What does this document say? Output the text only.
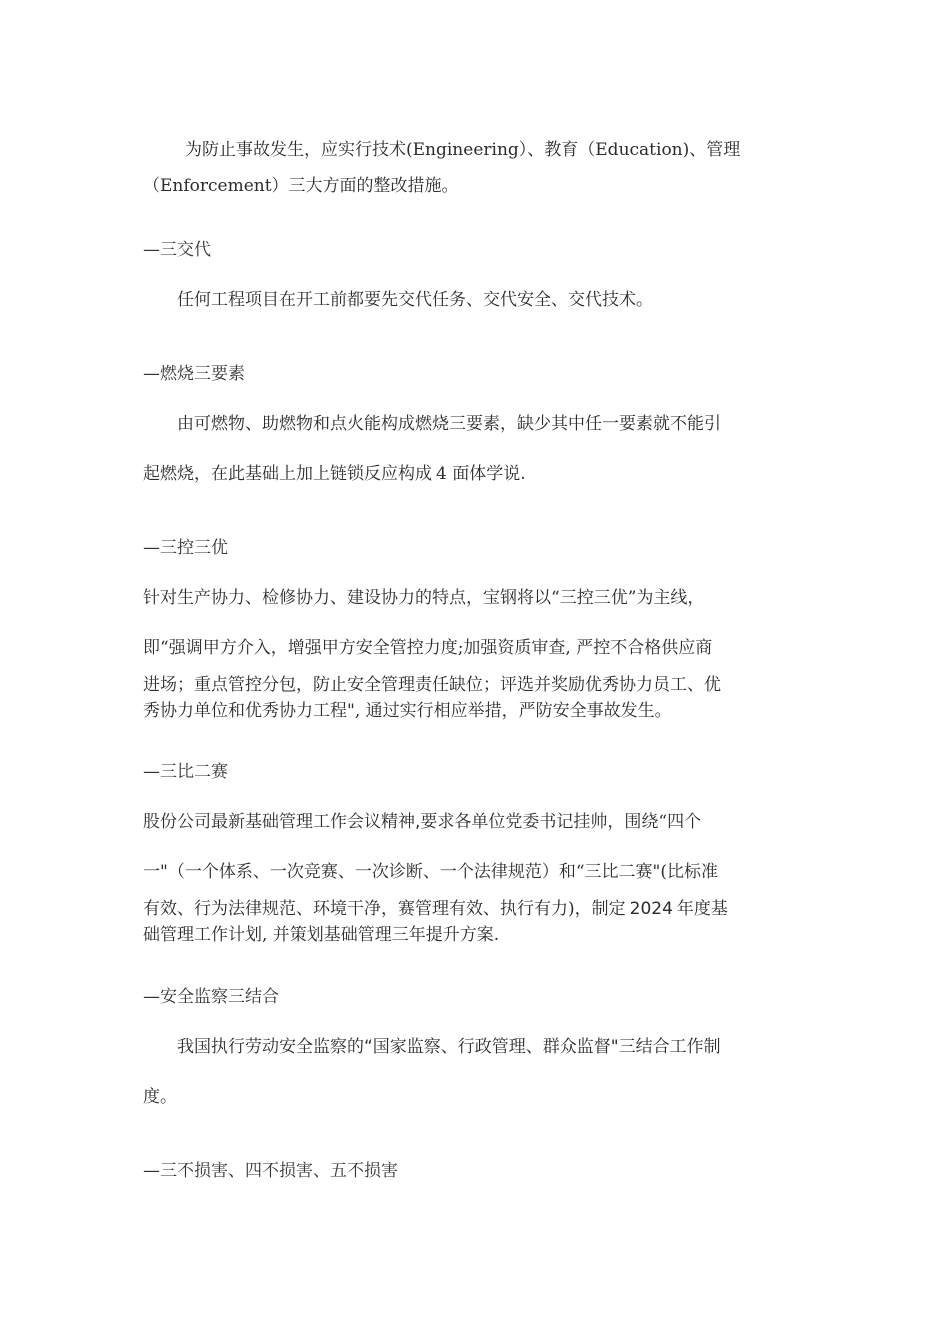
为防止事故发生，应实行技术(Engineering）、教育（Education)、管理
（Enforcement）三大方面的整改措施。
—三交代
任何工程项目在开工前都要先交代任务、交代安全、交代技术。
—燃烧三要素
由可燃物、助燃物和点火能构成燃烧三要素，缺少其中任一要素就不能引
起燃烧，在此基础上加上链锁反应构成 4 面体学说.
—三控三优
针对生产协力、检修协力、建设协力的特点，宝钢将以“三控三优”为主线，
即“强调甲方介入，增强甲方安全管控力度;加强资质审查, 严控不合格供应商
进场；重点管控分包，防止安全管理责任缺位；评选并奖励优秀协力员工、优
秀协力单位和优秀协力工程", 通过实行相应举措，严防安全事故发生。
—三比二赛
股份公司最新基础管理工作会议精神,要求各单位党委书记挂帅，围绕“四个
一"（一个体系、一次竞赛、一次诊断、一个法律规范）和“三比二赛"(比标准
有效、行为法律规范、环境干净，赛管理有效、执行有力)，制定 2024 年度基
础管理工作计划, 并策划基础管理三年提升方案.
—安全监察三结合
我国执行劳动安全监察的“国家监察、行政管理、群众监督"三结合工作制
度。
—三不损害、四不损害、五不损害
